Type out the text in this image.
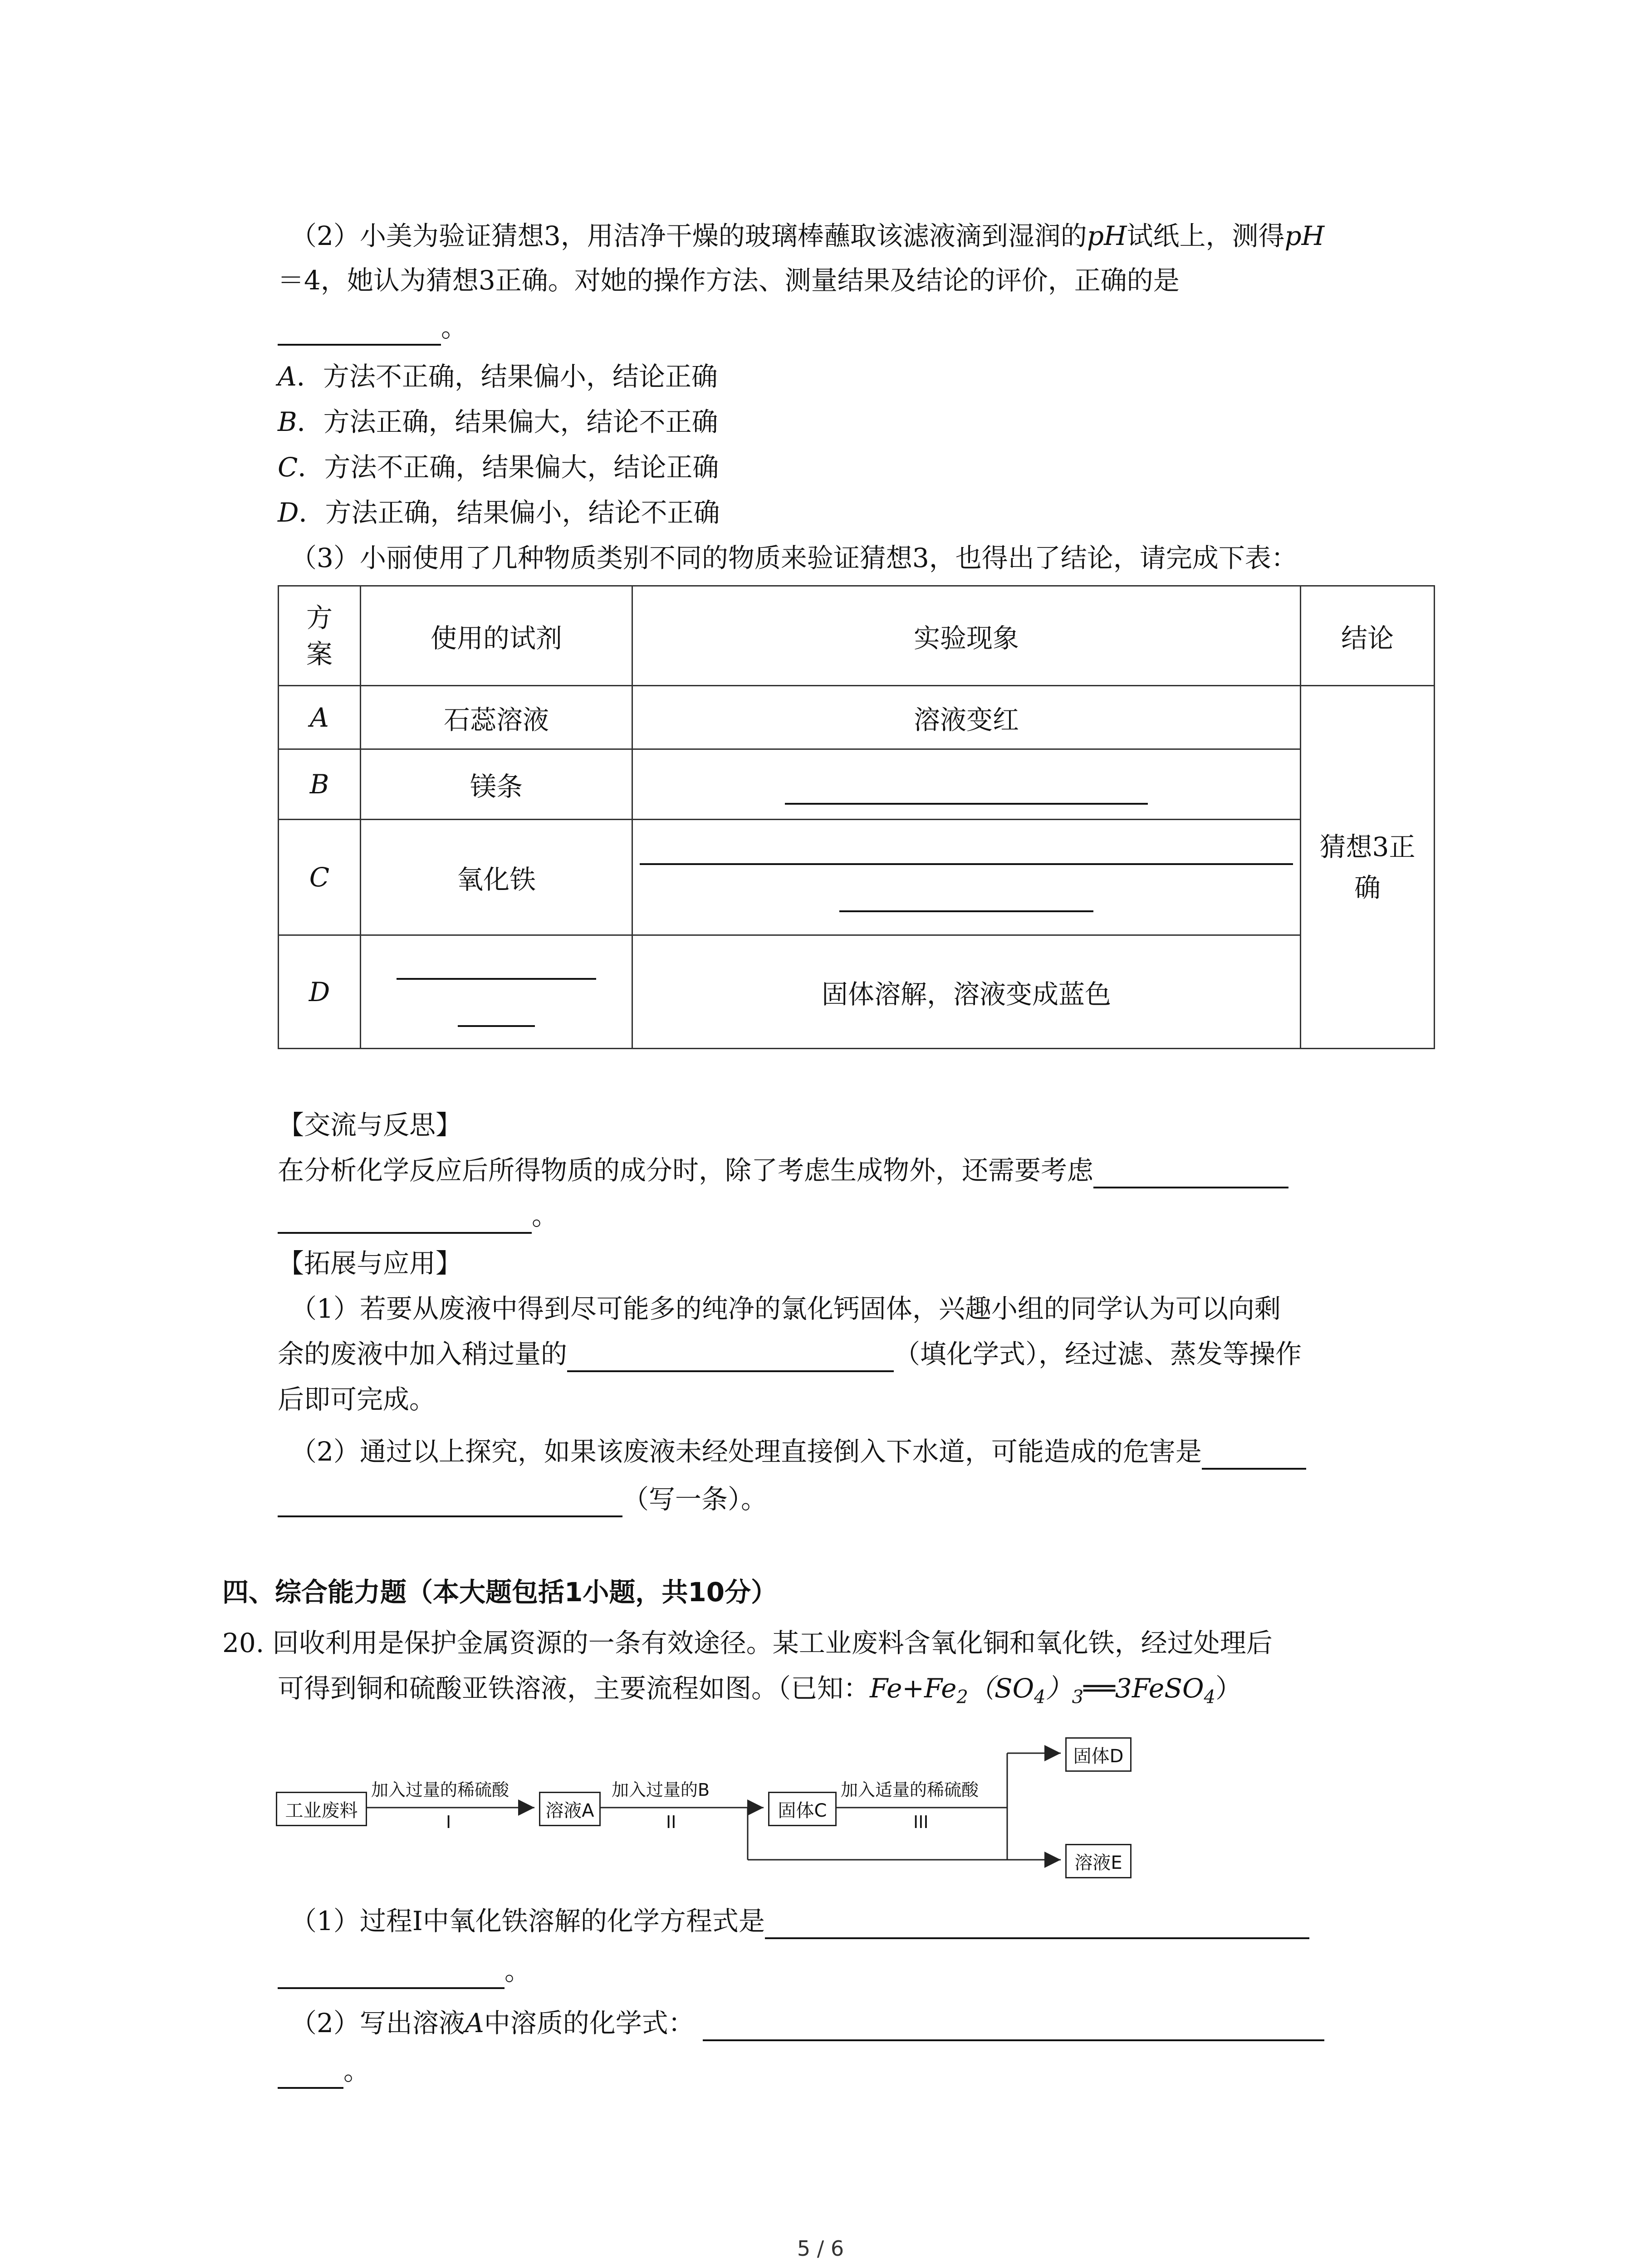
（2）小美为验证猜想3，用洁净干燥的玻璃棒蘸取该滤液滴到湿润的pH试纸上，测得pH
＝4，她认为猜想3正确。对她的操作方法、测量结果及结论的评价，正确的是
。
A．方法不正确，结果偏小，结论正确
B．方法正确，结果偏大，结论不正确
C．方法不正确，结果偏大，结论正确
D．方法正确，结果偏小，结论不正确
（3）小丽使用了几种物质类别不同的物质来验证猜想3，也得出了结论，请完成下表：
方案	使用的试剂	实验现象	结论
A	石蕊溶液	溶液变红	猜想3正确

B	镁条		
C	氧化铁		

D		固体溶解，溶液变成蓝色	
【交流与反思】
在分析化学反应后所得物质的成分时，除了考虑生成物外，还需要考虑
。
【拓展与应用】
（1）若要从废液中得到尽可能多的纯净的氯化钙固体，兴趣小组的同学认为可以向剩
余的废液中加入稍过量的	（填化学式），经过滤、蒸发等操作
后即可完成。
（2）通过以上探究，如果该废液未经处理直接倒入下水道，可能造成的危害是
（写一条）。
四、综合能力题（本大题包括1小题，共10分）
20. 回收利用是保护金属资源的一条有效途径。某工业废料含氧化铜和氧化铁，经过处理后
可得到铜和硫酸亚铁溶液，主要流程如图。（已知：$Fe+Fe_2(SO_4)_3══3FeSO_4$）
工业废料
加入过量的稀硫酸
I
溶液A
加入过量的B
II
固体C
加入适量的稀硫酸
III
固体D
溶液E
（1）过程Ⅰ中氧化铁溶解的化学方程式是
。
（2）写出溶液A中溶质的化学式：
。
5 / 6
